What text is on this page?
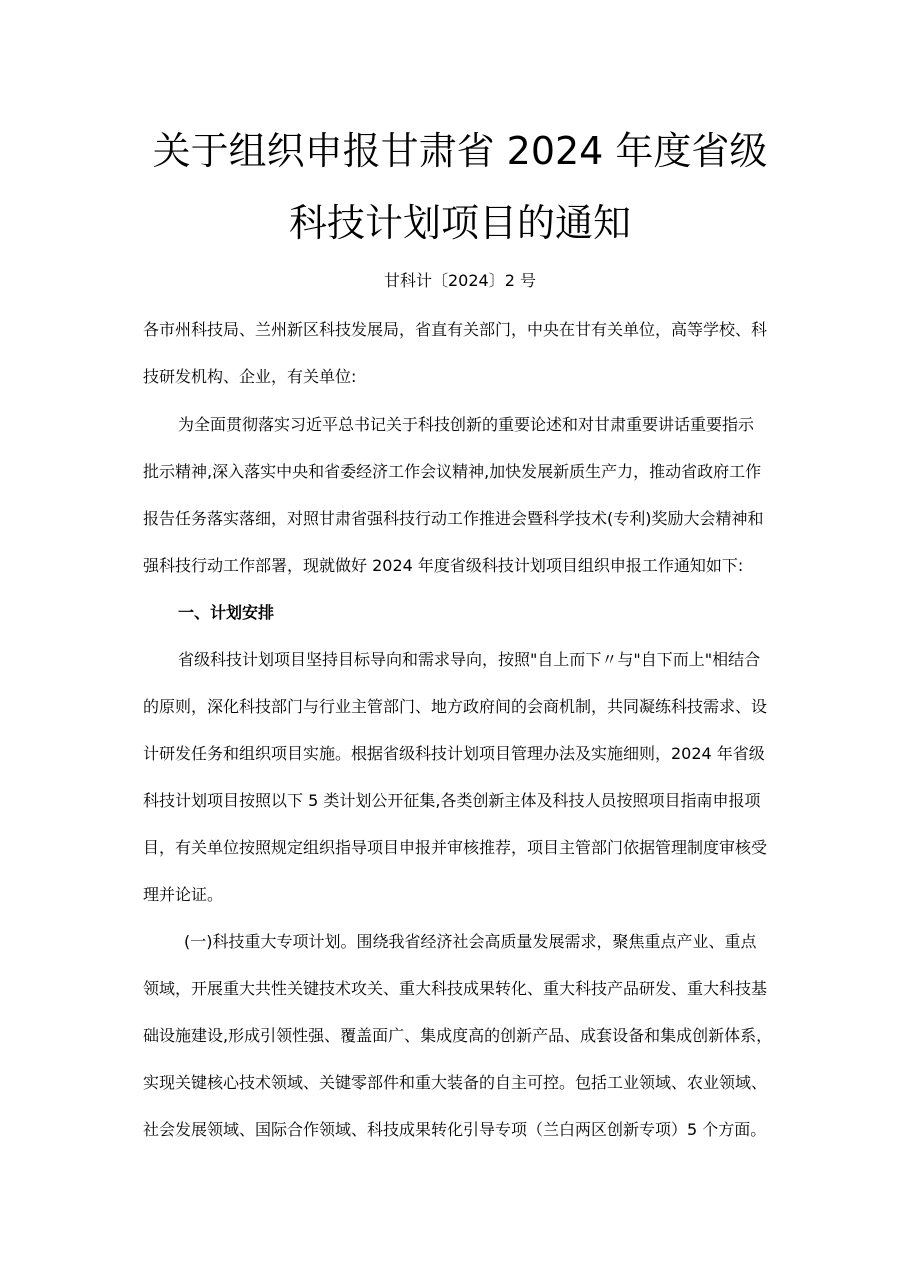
关于组织申报甘肃省 2024 年度省级
科技计划项目的通知
甘科计〔2024〕2 号
各市州科技局、兰州新区科技发展局，省直有关部门，中央在甘有关单位，高等学校、科
技研发机构、企业，有关单位:
为全面贯彻落实习近平总书记关于科技创新的重要论述和对甘肃重要讲话重要指示
批示精神,深入落实中央和省委经济工作会议精神,加快发展新质生产力，推动省政府工作
报告任务落实落细，对照甘肃省强科技行动工作推进会暨科学技术(专利)奖励大会精神和
强科技行动工作部署，现就做好 2024 年度省级科技计划项目组织申报工作通知如下:
一、计划安排
省级科技计划项目坚持目标导向和需求导向，按照"自上而下〃与"自下而上"相结合
的原则，深化科技部门与行业主管部门、地方政府间的会商机制，共同凝练科技需求、设
计研发任务和组织项目实施。根据省级科技计划项目管理办法及实施细则，2024 年省级
科技计划项目按照以下 5 类计划公开征集,各类创新主体及科技人员按照项目指南申报项
目，有关单位按照规定组织指导项目申报并审核推荐，项目主管部门依据管理制度审核受
理并论证。
(一)科技重大专项计划。围绕我省经济社会高质量发展需求，聚焦重点产业、重点
领域，开展重大共性关键技术攻关、重大科技成果转化、重大科技产品研发、重大科技基
础设施建设,形成引领性强、覆盖面广、集成度高的创新产品、成套设备和集成创新体系，
实现关键核心技术领域、关键零部件和重大装备的自主可控。包括工业领域、农业领域、
社会发展领域、国际合作领域、科技成果转化引导专项（兰白两区创新专项）5 个方面。
